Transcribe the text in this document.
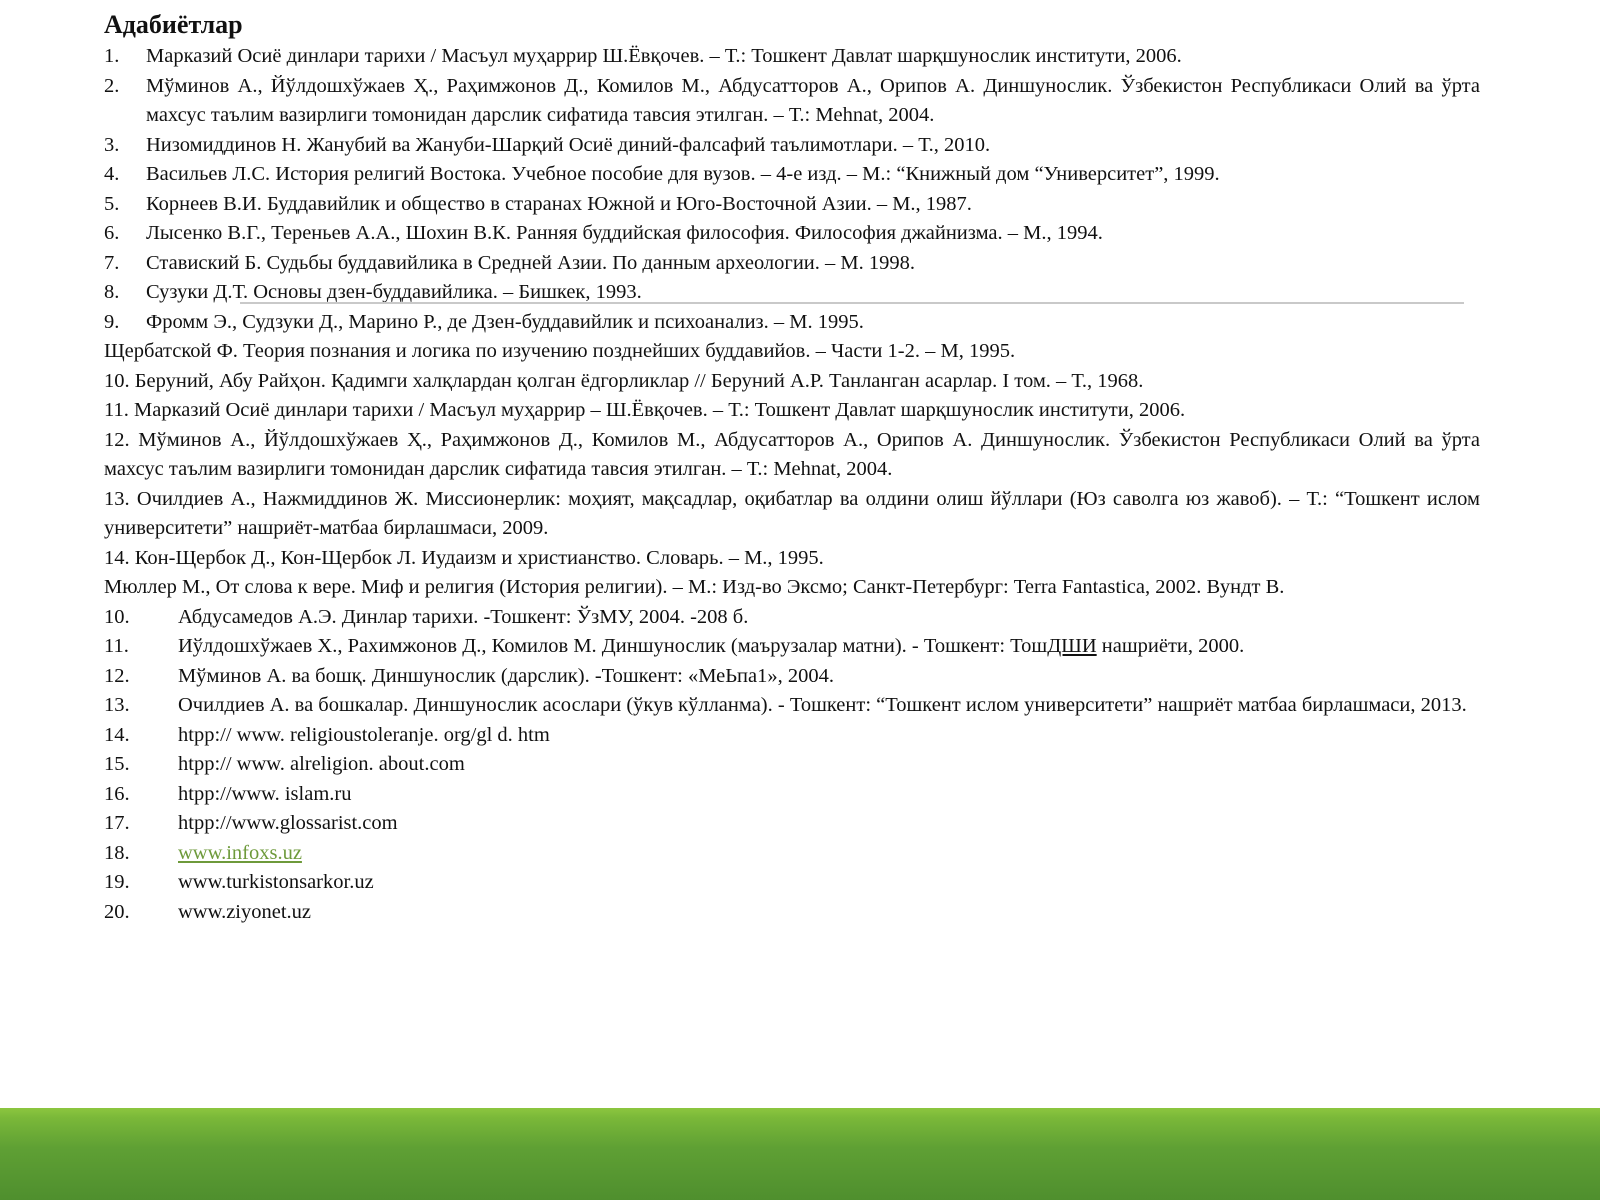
Адабиётлар
1.	Марказий Осиё динлари тарихи / Масъул муҳаррир Ш.Ёвқочев. – Т.: Тошкент Давлат шарқшунослик институти, 2006.
2.	Мўминов А., Йўлдошхўжаев Ҳ., Раҳимжонов Д., Комилов М., Абдусатторов А., Орипов А. Диншунослик. Ўзбекистон Республикаси Олий ва ўрта махсус таълим вазирлиги томонидан дарслик сифатида тавсия этилган. – Т.: Mehnat, 2004.
3.	Низомиддинов Н. Жанубий ва Жануби-Шарқий Осиё диний-фалсафий таълимотлари. – Т., 2010.
4.	Васильев Л.С. История религий Востока. Учебное пособие для вузов. – 4-е изд. – М.: “Книжный дом “Университет”, 1999.
5.	Корнеев В.И. Буддавийлик и общество в старанах Южной и Юго-Восточной Азии. – М., 1987.
6.	Лысенко В.Г., Тереньев А.А., Шохин В.К. Ранняя буддийская философия. Философия джайнизма. – М., 1994.
7.	Ставиский Б. Судьбы буддавийлика в Средней Азии. По данным археологии. – М. 1998.
8.	Сузуки Д.Т. Основы дзен-буддавийлика. – Бишкек, 1993.
9.	Фромм Э., Судзуки Д., Марино Р., де Дзен-буддавийлик и психоанализ. – М. 1995.
Щербатской Ф. Теория познания и логика по изучению позднейших буддавийов. – Части 1-2. – М, 1995.
10. Беруний, Абу Райҳон. Қадимги халқлардан қолган ёдгорликлар // Беруний А.Р. Танланган асарлар. I том. – Т., 1968.
11. Марказий Осиё динлари тарихи / Масъул муҳаррир – Ш.Ёвқочев. – Т.: Тошкент Давлат шарқшунослик институти, 2006.
12. Мўминов А., Йўлдошхўжаев Ҳ., Раҳимжонов Д., Комилов М., Абдусатторов А., Орипов А. Диншунослик. Ўзбекистон Республикаси Олий ва ўрта махсус таълим вазирлиги томонидан дарслик сифатида тавсия этилган. – Т.: Mehnat, 2004.
13. Очилдиев А., Нажмиддинов Ж. Миссионерлик: моҳият, мақсадлар, оқибатлар ва олдини олиш йўллари (Юз саволга юз жавоб). – Т.: “Тошкент ислом университети” нашриёт-матбаа бирлашмаси, 2009.
14. Кон-Щербок Д., Кон-Щербок Л. Иудаизм и христианство. Словарь. – М., 1995.
Мюллер М., От слова к вере. Миф и религия (История религии). – М.: Изд-во Эксмо; Санкт-Петербург: Terra Fantastica, 2002. Вундт В.
10.	Абдусамедов А.Э. Динлар тарихи. -Тошкент: ЎзМУ, 2004. -208 б.
11.	Иўлдошхўжаев Х., Рахимжонов Д., Комилов М. Диншунослик (маърузалар матни). - Тошкент: ТошДШИ нашриёти, 2000.
12.	Мўминов А. ва бошқ. Диншунослик (дарслик). -Тошкент: «МеЬпа1», 2004.
13.	Очилдиев А. ва бошкалар. Диншунослик асослари (ўкув кўлланма). - Тошкент: “Тошкент ислом университети” нашриёт матбаа бирлашмаси, 2013.
14.	htpp:// www. religioustoleranje. org/gl d. htm
15.	htpp:// www. alreligion. about.com
16.	htpp://www. islam.ru
17.	htpp://www.glossarist.com
18.	www.infoxs.uz
19.	www.turkistonsarkor.uz
20.	www.ziyonet.uz
